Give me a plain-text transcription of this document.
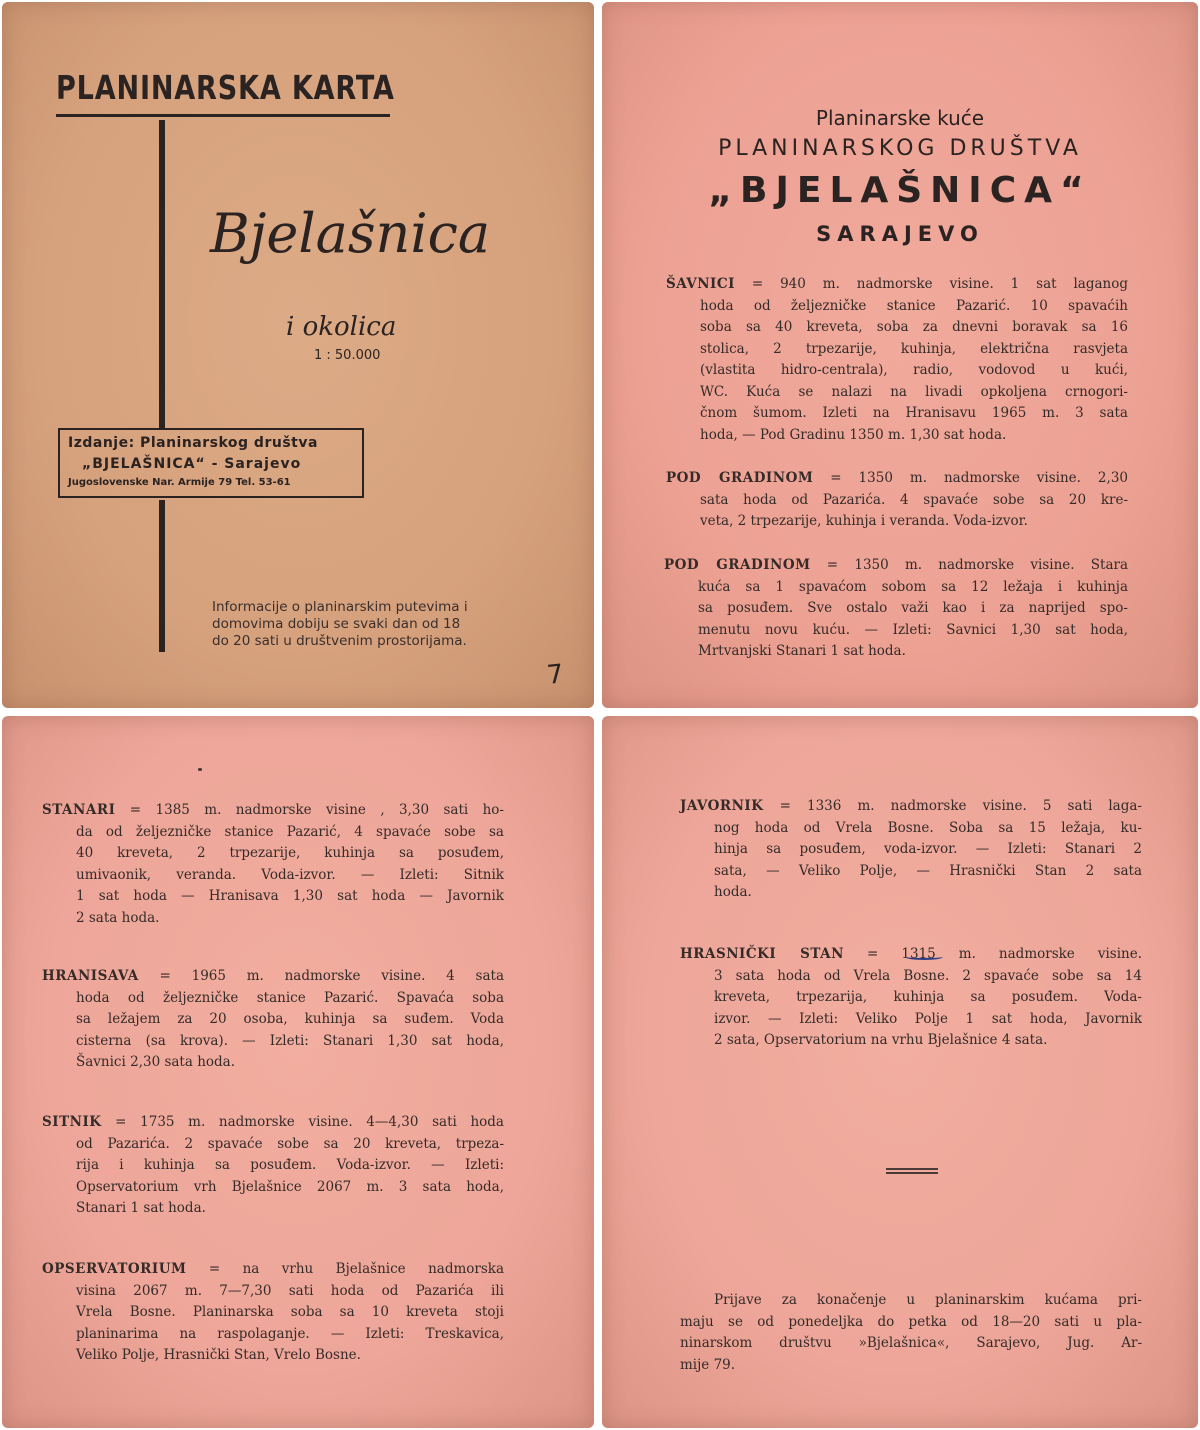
PLANINARSKA KARTA
Bjelašnica
i okolica
1 : 50.000
Izdanje: Planinarskog društva
„BJELAŠNICA“ - Sarajevo
Jugoslovenske Nar. Armije 79 Tel. 53-61
Informacije o planinarskim putevima i
domovima dobiju se svaki dan od 18
do 20 sati u društvenim prostorijama.
7
Planinarske kuće
PLANINARSKOG DRUŠTVA
„BJELAŠNICA“
SARAJEVO
ŠAVNICI = 940 m. nadmorske visine. 1 sat laganog
hoda od željezničke stanice Pazarić. 10 spavaćih
soba sa 40 kreveta, soba za dnevni boravak sa 16
stolica, 2 trpezarije, kuhinja, električna rasvjeta
(vlastita hidro-centrala), radio, vodovod u kući,
WC. Kuća se nalazi na livadi opkoljena crnogori-
čnom šumom. Izleti na Hranisavu 1965 m. 3 sata
hoda, — Pod Gradinu 1350 m. 1,30 sat hoda.
POD GRADINOM = 1350 m. nadmorske visine. 2,30
sata hoda od Pazarića. 4 spavaće sobe sa 20 kre-
veta, 2 trpezarije, kuhinja i veranda. Voda-izvor.
POD GRADINOM = 1350 m. nadmorske visine. Stara
kuća sa 1 spavaćom sobom sa 12 ležaja i kuhinja
sa posuđem. Sve ostalo važi kao i za naprijed spo-
menutu novu kuću. — Izleti: Savnici 1,30 sat hoda,
Mrtvanjski Stanari 1 sat hoda.
STANARI = 1385 m. nadmorske visine , 3,30 sati ho-
da od željezničke stanice Pazarić, 4 spavaće sobe sa
40 kreveta, 2 trpezarije, kuhinja sa posuđem,
umivaonik, veranda. Voda-izvor. — Izleti: Sitnik
1 sat hoda — Hranisava 1,30 sat hoda — Javornik
2 sata hoda.
HRANISAVA = 1965 m. nadmorske visine. 4 sata
hoda od željezničke stanice Pazarić. Spavaća soba
sa ležajem za 20 osoba, kuhinja sa suđem. Voda
cisterna (sa krova). — Izleti: Stanari 1,30 sat hoda,
Šavnici 2,30 sata hoda.
SITNIK = 1735 m. nadmorske visine. 4—4,30 sati hoda
od Pazarića. 2 spavaće sobe sa 20 kreveta, trpeza-
rija i kuhinja sa posuđem. Voda-izvor. — Izleti:
Opservatorium vrh Bjelašnice 2067 m. 3 sata hoda,
Stanari 1 sat hoda.
OPSERVATORIUM = na vrhu Bjelašnice nadmorska
visina 2067 m. 7—7,30 sati hoda od Pazarića ili
Vrela Bosne. Planinarska soba sa 10 kreveta stoji
planinarima na raspolaganje. — Izleti: Treskavica,
Veliko Polje, Hrasnički Stan, Vrelo Bosne.
JAVORNIK = 1336 m. nadmorske visine. 5 sati laga-
nog hoda od Vrela Bosne. Soba sa 15 ležaja, ku-
hinja sa posuđem, voda-izvor. — Izleti: Stanari 2
sata, — Veliko Polje, — Hrasnički Stan 2 sata
hoda.
HRASNIČKI STAN = 1315 m. nadmorske visine.
3 sata hoda od Vrela Bosne. 2 spavaće sobe sa 14
kreveta, trpezarija, kuhinja sa posuđem. Voda-
izvor. — Izleti: Veliko Polje 1 sat hoda, Javornik
2 sata, Opservatorium na vrhu Bjelašnice 4 sata.
Prijave za konačenje u planinarskim kućama pri-
maju se od ponedeljka do petka od 18—20 sati u pla-
ninarskom društvu »Bjelašnica«, Sarajevo, Jug. Ar-
mije 79.
